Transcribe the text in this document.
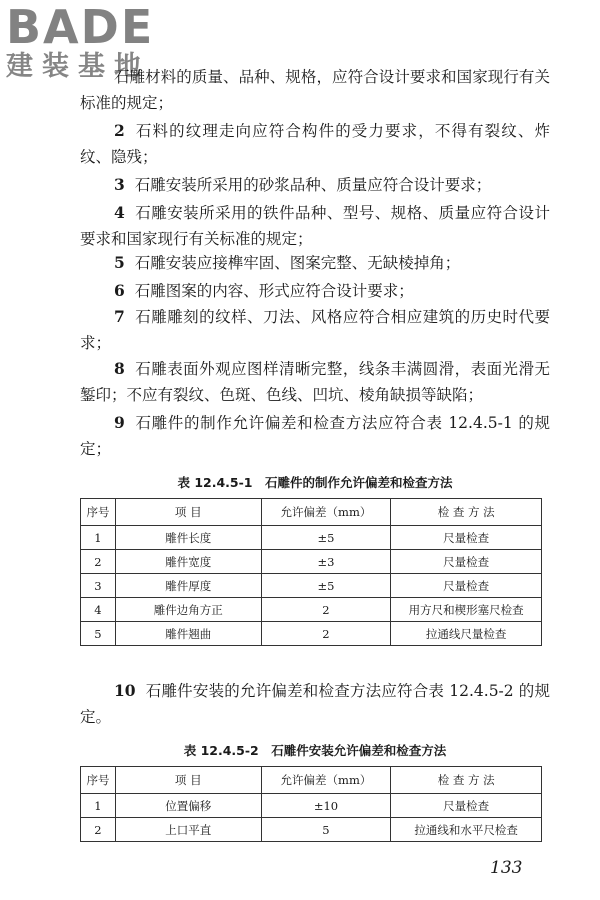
BADE
建装基地

石雕材料的质量、品种、规格，应符合设计要求和国家现行有关标准的规定；

2 石料的纹理走向应符合构件的受力要求，不得有裂纹、炸纹、隐残；

3 石雕安装所采用的砂浆品种、质量应符合设计要求；

4 石雕安装所采用的铁件品种、型号、规格、质量应符合设计要求和国家现行有关标准的规定；

5 石雕安装应接榫牢固、图案完整、无缺棱掉角；

6 石雕图案的内容、形式应符合设计要求；

7 石雕雕刻的纹样、刀法、风格应符合相应建筑的历史时代要求；

8 石雕表面外观应图样清晰完整，线条丰满圆滑，表面光滑无錾印；不应有裂纹、色斑、色线、凹坑、棱角缺损等缺陷；

9 石雕件的制作允许偏差和检查方法应符合表 12.4.5-1 的规定；

表 12.4.5-1　石雕件的制作允许偏差和检查方法
序号	项 目	允许偏差（mm）	检 查 方 法
1	雕件长度	±5	尺量检查
2	雕件宽度	±3	尺量检查
3	雕件厚度	±5	尺量检查
4	雕件边角方正	2	用方尺和楔形塞尺检查
5	雕件翘曲	2	拉通线尺量检查

10 石雕件安装的允许偏差和检查方法应符合表 12.4.5-2 的规定。

表 12.4.5-2　石雕件安装允许偏差和检查方法
序号	项 目	允许偏差（mm）	检 查 方 法
1	位置偏移	±10	尺量检查
2	上口平直	5	拉通线和水平尺检查
133
